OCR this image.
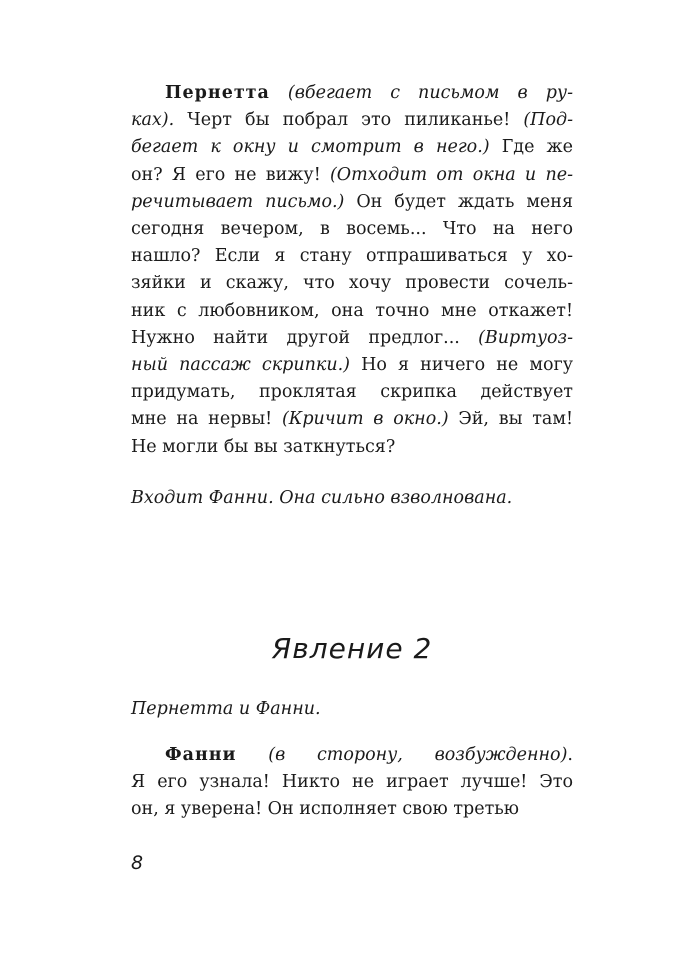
Пернетта (вбегает с письмом в ру-
ках). Черт бы побрал это пиликанье! (Под-
бегает к окну и смотрит в него.) Где же
он? Я его не вижу! (Отходит от окна и пе-
речитывает письмо.) Он будет ждать меня
сегодня вечером, в восемь... Что на него
нашло? Если я стану отпрашиваться у хо-
зяйки и скажу, что хочу провести сочель-
ник с любовником, она точно мне откажет!
Нужно найти другой предлог... (Виртуоз-
ный пассаж скрипки.) Но я ничего не могу
придумать, проклятая скрипка действует
мне на нервы! (Кричит в окно.) Эй, вы там!
Не могли бы вы заткнуться?

Входит Фанни. Она сильно взволнована.

Явление 2

Пернетта и Фанни.

Фанни (в сторону, возбужденно).
Я его узнала! Никто не играет лучше! Это
он, я уверена! Он исполняет свою третью

8
